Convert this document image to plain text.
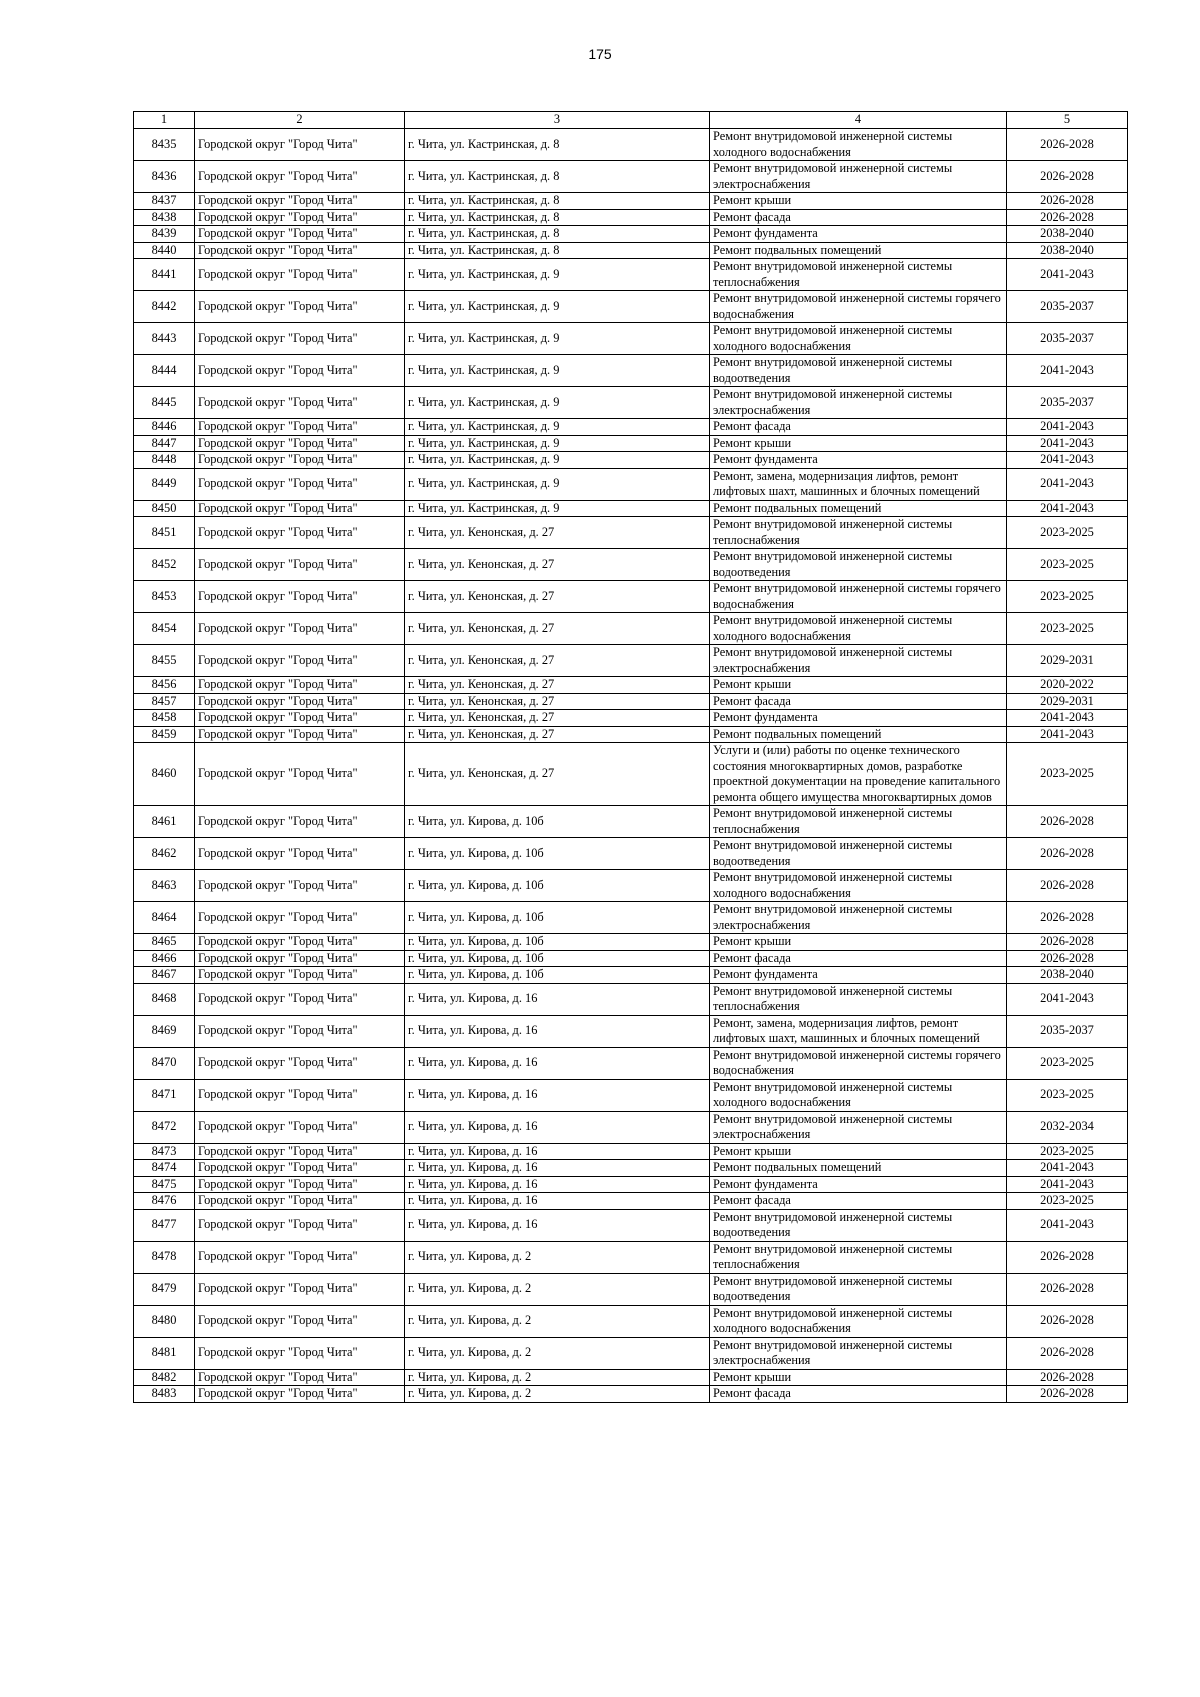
175
1	2	3	4	5
8435	Городской округ "Город Чита"	г. Чита, ул. Кастринская, д. 8	Ремонт внутридомовой инженерной системы холодного водоснабжения	2026-2028
8436	Городской округ "Город Чита"	г. Чита, ул. Кастринская, д. 8	Ремонт внутридомовой инженерной системы электроснабжения	2026-2028
8437	Городской округ "Город Чита"	г. Чита, ул. Кастринская, д. 8	Ремонт крыши	2026-2028
8438	Городской округ "Город Чита"	г. Чита, ул. Кастринская, д. 8	Ремонт фасада	2026-2028
8439	Городской округ "Город Чита"	г. Чита, ул. Кастринская, д. 8	Ремонт фундамента	2038-2040
8440	Городской округ "Город Чита"	г. Чита, ул. Кастринская, д. 8	Ремонт подвальных помещений	2038-2040
8441	Городской округ "Город Чита"	г. Чита, ул. Кастринская, д. 9	Ремонт внутридомовой инженерной системы теплоснабжения	2041-2043
8442	Городской округ "Город Чита"	г. Чита, ул. Кастринская, д. 9	Ремонт внутридомовой инженерной системы горячего водоснабжения	2035-2037
8443	Городской округ "Город Чита"	г. Чита, ул. Кастринская, д. 9	Ремонт внутридомовой инженерной системы холодного водоснабжения	2035-2037
8444	Городской округ "Город Чита"	г. Чита, ул. Кастринская, д. 9	Ремонт внутридомовой инженерной системы водоотведения	2041-2043
8445	Городской округ "Город Чита"	г. Чита, ул. Кастринская, д. 9	Ремонт внутридомовой инженерной системы электроснабжения	2035-2037
8446	Городской округ "Город Чита"	г. Чита, ул. Кастринская, д. 9	Ремонт фасада	2041-2043
8447	Городской округ "Город Чита"	г. Чита, ул. Кастринская, д. 9	Ремонт крыши	2041-2043
8448	Городской округ "Город Чита"	г. Чита, ул. Кастринская, д. 9	Ремонт фундамента	2041-2043
8449	Городской округ "Город Чита"	г. Чита, ул. Кастринская, д. 9	Ремонт, замена, модернизация лифтов, ремонт лифтовых шахт, машинных и блочных помещений	2041-2043
8450	Городской округ "Город Чита"	г. Чита, ул. Кастринская, д. 9	Ремонт подвальных помещений	2041-2043
8451	Городской округ "Город Чита"	г. Чита, ул. Кенонская, д. 27	Ремонт внутридомовой инженерной системы теплоснабжения	2023-2025
8452	Городской округ "Город Чита"	г. Чита, ул. Кенонская, д. 27	Ремонт внутридомовой инженерной системы водоотведения	2023-2025
8453	Городской округ "Город Чита"	г. Чита, ул. Кенонская, д. 27	Ремонт внутридомовой инженерной системы горячего водоснабжения	2023-2025
8454	Городской округ "Город Чита"	г. Чита, ул. Кенонская, д. 27	Ремонт внутридомовой инженерной системы холодного водоснабжения	2023-2025
8455	Городской округ "Город Чита"	г. Чита, ул. Кенонская, д. 27	Ремонт внутридомовой инженерной системы электроснабжения	2029-2031
8456	Городской округ "Город Чита"	г. Чита, ул. Кенонская, д. 27	Ремонт крыши	2020-2022
8457	Городской округ "Город Чита"	г. Чита, ул. Кенонская, д. 27	Ремонт фасада	2029-2031
8458	Городской округ "Город Чита"	г. Чита, ул. Кенонская, д. 27	Ремонт фундамента	2041-2043
8459	Городской округ "Город Чита"	г. Чита, ул. Кенонская, д. 27	Ремонт подвальных помещений	2041-2043
8460	Городской округ "Город Чита"	г. Чита, ул. Кенонская, д. 27	Услуги и (или) работы по оценке технического состояния многоквартирных домов, разработке проектной документации на проведение капитального ремонта общего имущества многоквартирных домов	2023-2025
8461	Городской округ "Город Чита"	г. Чита, ул. Кирова, д. 10б	Ремонт внутридомовой инженерной системы теплоснабжения	2026-2028
8462	Городской округ "Город Чита"	г. Чита, ул. Кирова, д. 10б	Ремонт внутридомовой инженерной системы водоотведения	2026-2028
8463	Городской округ "Город Чита"	г. Чита, ул. Кирова, д. 10б	Ремонт внутридомовой инженерной системы холодного водоснабжения	2026-2028
8464	Городской округ "Город Чита"	г. Чита, ул. Кирова, д. 10б	Ремонт внутридомовой инженерной системы электроснабжения	2026-2028
8465	Городской округ "Город Чита"	г. Чита, ул. Кирова, д. 10б	Ремонт крыши	2026-2028
8466	Городской округ "Город Чита"	г. Чита, ул. Кирова, д. 10б	Ремонт фасада	2026-2028
8467	Городской округ "Город Чита"	г. Чита, ул. Кирова, д. 10б	Ремонт фундамента	2038-2040
8468	Городской округ "Город Чита"	г. Чита, ул. Кирова, д. 16	Ремонт внутридомовой инженерной системы теплоснабжения	2041-2043
8469	Городской округ "Город Чита"	г. Чита, ул. Кирова, д. 16	Ремонт, замена, модернизация лифтов, ремонт лифтовых шахт, машинных и блочных помещений	2035-2037
8470	Городской округ "Город Чита"	г. Чита, ул. Кирова, д. 16	Ремонт внутридомовой инженерной системы горячего водоснабжения	2023-2025
8471	Городской округ "Город Чита"	г. Чита, ул. Кирова, д. 16	Ремонт внутридомовой инженерной системы холодного водоснабжения	2023-2025
8472	Городской округ "Город Чита"	г. Чита, ул. Кирова, д. 16	Ремонт внутридомовой инженерной системы электроснабжения	2032-2034
8473	Городской округ "Город Чита"	г. Чита, ул. Кирова, д. 16	Ремонт крыши	2023-2025
8474	Городской округ "Город Чита"	г. Чита, ул. Кирова, д. 16	Ремонт подвальных помещений	2041-2043
8475	Городской округ "Город Чита"	г. Чита, ул. Кирова, д. 16	Ремонт фундамента	2041-2043
8476	Городской округ "Город Чита"	г. Чита, ул. Кирова, д. 16	Ремонт фасада	2023-2025
8477	Городской округ "Город Чита"	г. Чита, ул. Кирова, д. 16	Ремонт внутридомовой инженерной системы водоотведения	2041-2043
8478	Городской округ "Город Чита"	г. Чита, ул. Кирова, д. 2	Ремонт внутридомовой инженерной системы теплоснабжения	2026-2028
8479	Городской округ "Город Чита"	г. Чита, ул. Кирова, д. 2	Ремонт внутридомовой инженерной системы водоотведения	2026-2028
8480	Городской округ "Город Чита"	г. Чита, ул. Кирова, д. 2	Ремонт внутридомовой инженерной системы холодного водоснабжения	2026-2028
8481	Городской округ "Город Чита"	г. Чита, ул. Кирова, д. 2	Ремонт внутридомовой инженерной системы электроснабжения	2026-2028
8482	Городской округ "Город Чита"	г. Чита, ул. Кирова, д. 2	Ремонт крыши	2026-2028
8483	Городской округ "Город Чита"	г. Чита, ул. Кирова, д. 2	Ремонт фасада	2026-2028
